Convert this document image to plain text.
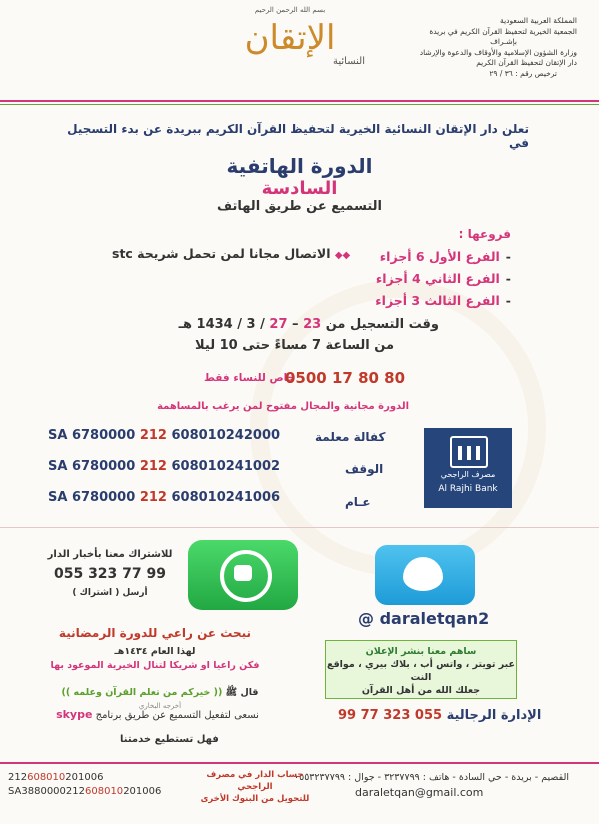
المملكة العربية السعودية
الجمعية الخيرية لتحفيظ القرآن الكريم في بريدة
بإشـراف
وزارة الشؤون الإسلامية والأوقاف والدعوة والإرشاد
دار الإتقان لتحفيظ القرآن الكريم
ترخيص رقم : ٣٦ / ٢٩
بسم الله الرحمن الرحيم
الإتقان
النسائية
تعلن دار الإتقان النسائية الخيرية لتحفيظ القرآن الكريم ببريدة عن بدء التسجيل في
الدورة الهاتفية
السادسة
التسميع عن طريق الهاتف
فروعها :
-الفرع الأول 6 أجزاء
-الفرع الثاني 4 أجزاء
-الفرع الثالث 3 أجزاء
◆◆ الاتصال مجانا لمن تحمل شريحة stc
وقت التسجيل من 23 – 27 / 3 / 1434 هـ
من الساعة 7 مساءً حتى 10 ليلا
خاص للنساء فقط
0500 17 80 80
الدورة مجانية والمجال مفتوح لمن يرغب بالمساهمة
كفالة معلمة
SA 6780000 212 608010242000
الوقف
SA 6780000 212 608010241002
عـام
SA 6780000 212 608010241006
مصرف الراجحي
Al Rajhi Bank
للاشتراك معنا بأخبار الدار
055 323 77 99
أرسل ( اشتراك )
@ daraletqan2
ساهم معنا بنشر الإعلان
عبر تويتر ، واتس أب ، بلاك بيري ، مواقع النت
جعلك الله من أهل القرآن
نبحث عن راعي للدورة الرمضانية
لهذا العام ١٤٣٤هـ
فكن راعيا او شريكا لتنال الخيرية الموعود بها
قال ﷺ (( خيركم من تعلم القرآن وعلمه )) أخرجه البخاري
نسعى لتفعيل التسميع عن طريق برنامج skype
فهل تستطيع خدمتنا
الإدارة الرجالية 055 323 77 99
القصيم - بريدة - حي السادة - هاتف : ٣٢٣٧٧٩٩ - جوال : ٠٥٥٣٢٣٧٧٩٩
daraletqan@gmail.com
حساب الدار في مصرف الراجحي
للتحويل من البنوك الأخرى
212608010201006
SA3880000212608010201006
